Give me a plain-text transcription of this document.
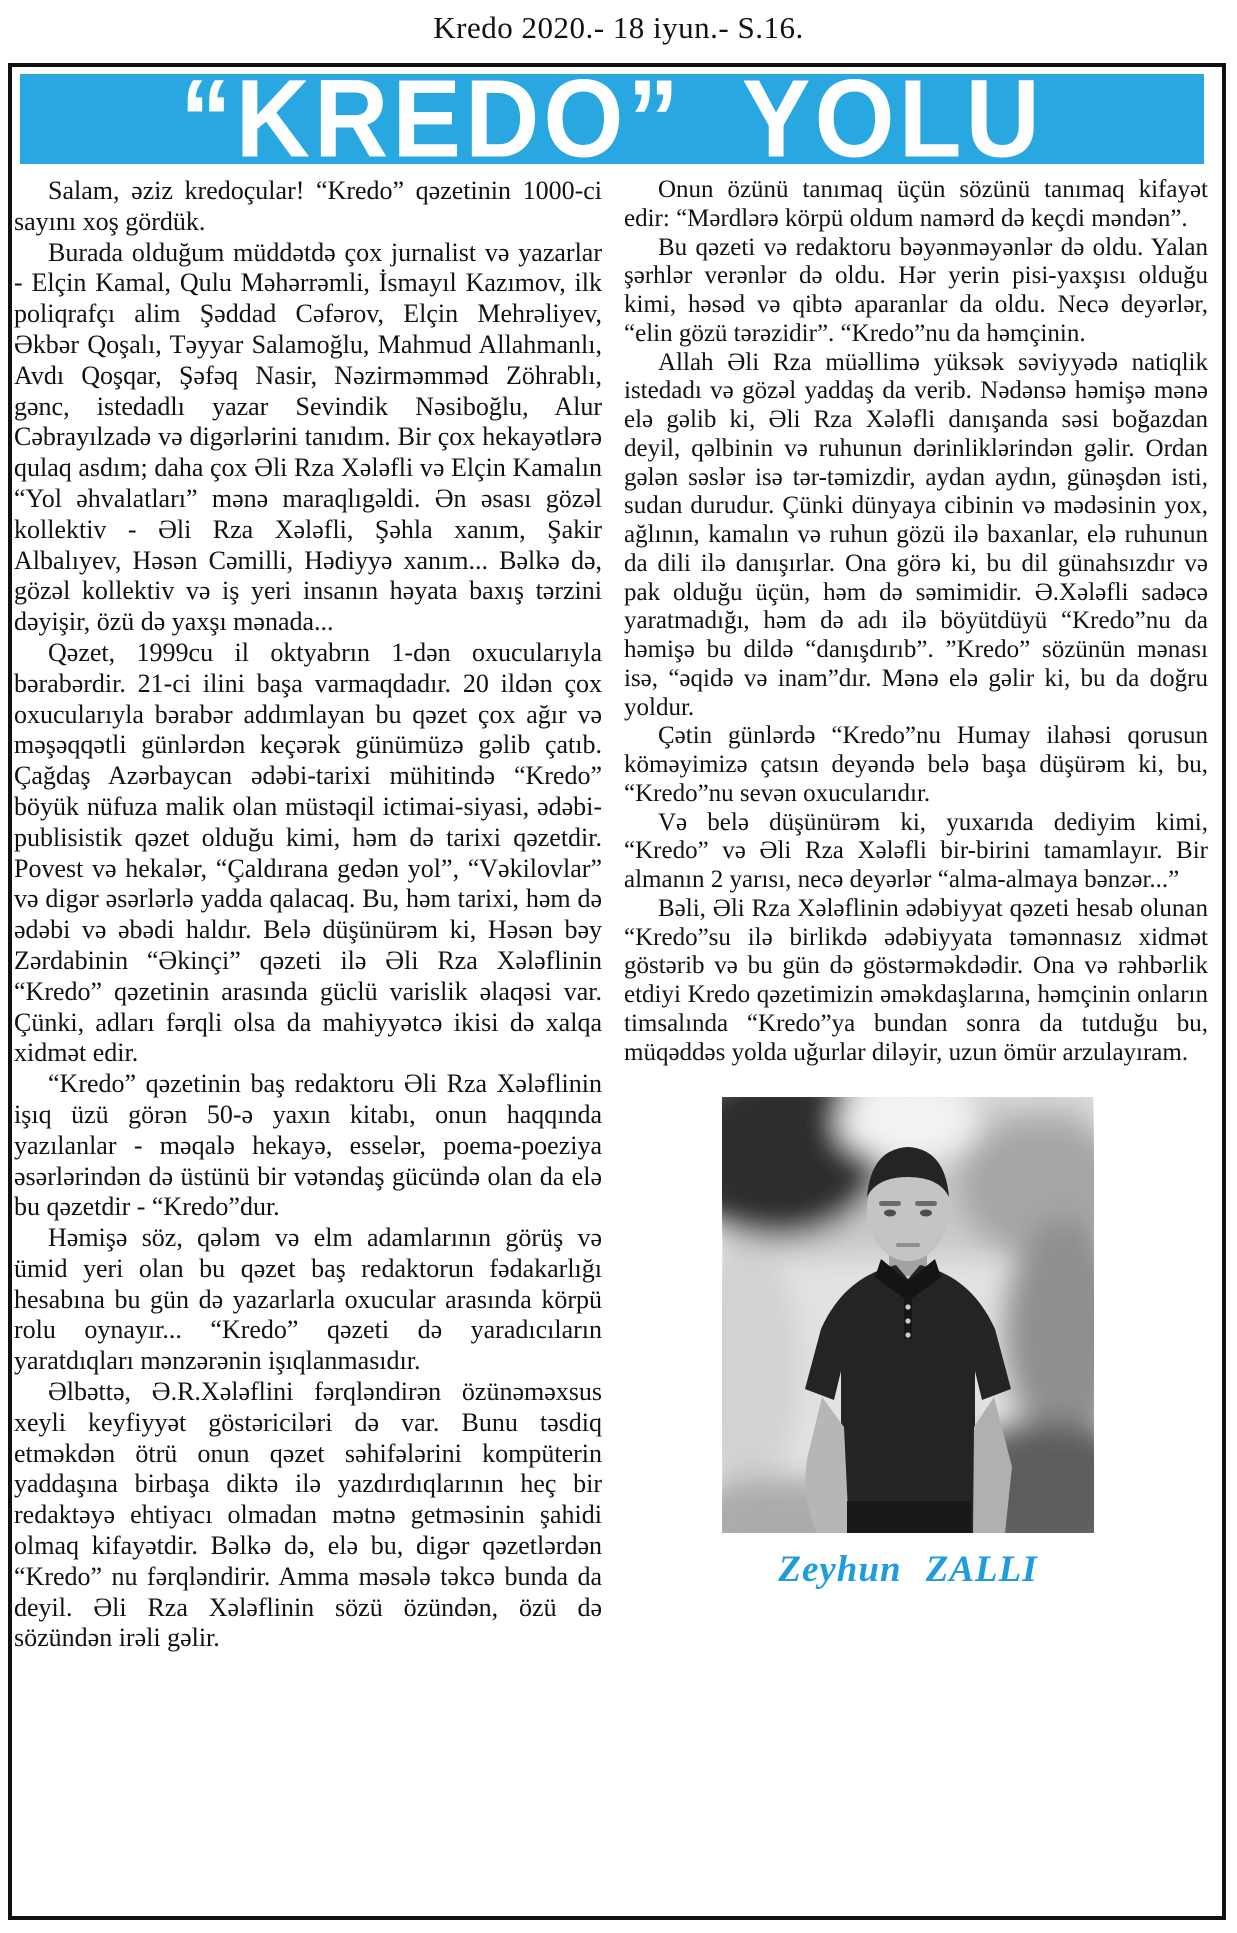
Kredo 2020.- 18 iyun.- S.16.
“KREDO” YOLU

Salam, əziz kredoçular! “Kredo” qəzetinin 1000-ci sayını xoş gördük.

Burada olduğum müddətdə çox jurnalist və yazarlar - Elçin Kamal, Qulu Məhərrəmli, İsmayıl Kazımov, ilk poliqrafçı alim Şəddad Cəfərov, Elçin Mehrəliyev, Əkbər Qoşalı, Təyyar Salamoğlu, Mahmud Allahmanlı, Avdı Qoşqar, Şəfəq Nasir, Nəzirməmməd Zöhrablı, gənc, istedadlı yazar Sevindik Nəsiboğlu, Alur Cəbrayılzadə və digərlərini tanıdım. Bir çox hekayətlərə qulaq asdım; daha çox Əli Rza Xələfli və Elçin Kamalın “Yol əhvalatları” mənə maraqlıgəldi. Ən əsası gözəl kollektiv - Əli Rza Xələfli, Şəhla xanım, Şakir Albalıyev, Həsən Cəmilli, Hədiyyə xanım... Bəlkə də, gözəl kollektiv və iş yeri insanın həyata baxış tərzini dəyişir, özü də yaxşı mənada...

Qəzet, 1999cu il oktyabrın 1-dən oxucularıyla bərabərdir. 21-ci ilini başa varmaqdadır. 20 ildən çox oxucularıyla bərabər addımlayan bu qəzet çox ağır və məşəqqətli günlərdən keçərək günümüzə gəlib çatıb. Çağdaş Azərbaycan ədəbi-tarixi mühitində “Kredo” böyük nüfuza malik olan müstəqil ictimai-siyasi, ədəbi-publisistik qəzet olduğu kimi, həm də tarixi qəzetdir. Povest və hekalər, “Çaldırana gedən yol”, “Vəkilovlar” və digər əsərlərlə yadda qalacaq. Bu, həm tarixi, həm də ədəbi və əbədi haldır. Belə düşünürəm ki, Həsən bəy Zərdabinin “Əkinçi” qəzeti ilə Əli Rza Xələflinin “Kredo” qəzetinin arasında güclü varislik əlaqəsi var. Çünki, adları fərqli olsa da mahiyyətcə ikisi də xalqa xidmət edir.

“Kredo” qəzetinin baş redaktoru Əli Rza Xələflinin işıq üzü görən 50-ə yaxın kitabı, onun haqqında yazılanlar - məqalə hekayə, esselər, poema-poeziya əsərlərindən də üstünü bir vətəndaş gücündə olan da elə bu qəzetdir - “Kredo”dur.

Həmişə söz, qələm və elm adamlarının görüş və ümid yeri olan bu qəzet baş redaktorun fədakarlığı hesabına bu gün də yazarlarla oxucular arasında körpü rolu oynayır... “Kredo” qəzeti də yaradıcıların yaratdıqları mənzərənin işıqlanmasıdır.

Əlbəttə, Ə.R.Xələflini fərqləndirən özünəməxsus xeyli keyfiyyət göstəriciləri də var. Bunu təsdiq etməkdən ötrü onun qəzet səhifələrini kompüterin yaddaşına birbaşa diktə ilə yazdırdıqlarının heç bir redaktəyə ehtiyacı olmadan mətnə getməsinin şahidi olmaq kifayətdir. Bəlkə də, elə bu, digər qəzetlərdən “Kredo” nu fərqləndirir. Amma məsələ təkcə bunda da deyil. Əli Rza Xələflinin sözü özündən, özü də sözündən irəli gəlir.

Onun özünü tanımaq üçün sözünü tanımaq kifayət edir: “Mərdlərə körpü oldum namərd də keçdi məndən”.

Bu qəzeti və redaktoru bəyənməyənlər də oldu. Yalan şərhlər verənlər də oldu. Hər yerin pisi-yaxşısı olduğu kimi, həsəd və qibtə aparanlar da oldu. Necə deyərlər, “elin gözü tərəzidir”. “Kredo”nu da həmçinin.

Allah Əli Rza müəllimə yüksək səviyyədə natiqlik istedadı və gözəl yaddaş da verib. Nədənsə həmişə mənə elə gəlib ki, Əli Rza Xələfli danışanda səsi boğazdan deyil, qəlbinin və ruhunun dərinliklərindən gəlir. Ordan gələn səslər isə tər-təmizdir, aydan aydın, günəşdən isti, sudan durudur. Çünki dünyaya cibinin və mədəsinin yox, ağlının, kamalın və ruhun gözü ilə baxanlar, elə ruhunun da dili ilə danışırlar. Ona görə ki, bu dil günahsızdır və pak olduğu üçün, həm də səmimidir. Ə.Xələfli sadəcə yaratmadığı, həm də adı ilə böyütdüyü “Kredo”nu da həmişə bu dildə “danışdırıb”. ”Kredo” sözünün mənası isə, “əqidə və inam”dır. Mənə elə gəlir ki, bu da doğru yoldur.

Çətin günlərdə “Kredo”nu Humay ilahəsi qorusun köməyimizə çatsın deyəndə belə başa düşürəm ki, bu, “Kredo”nu sevən oxucularıdır.

Və belə düşünürəm ki, yuxarıda dediyim kimi, “Kredo” və Əli Rza Xələfli bir-birini tamamlayır. Bir almanın 2 yarısı, necə deyərlər “alma-almaya bənzər...”

Bəli, Əli Rza Xələflinin ədəbiyyat qəzeti hesab olunan “Kredo”su ilə birlikdə ədəbiyyata təmənnasız xidmət göstərib və bu gün də göstərməkdədir. Ona və rəhbərlik etdiyi Kredo qəzetimizin əməkdaşlarına, həmçinin onların timsalında “Kredo”ya bundan sonra da tutduğu bu, müqəddəs yolda uğurlar diləyir, uzun ömür arzulayıram.

Zeyhun ZALLI
